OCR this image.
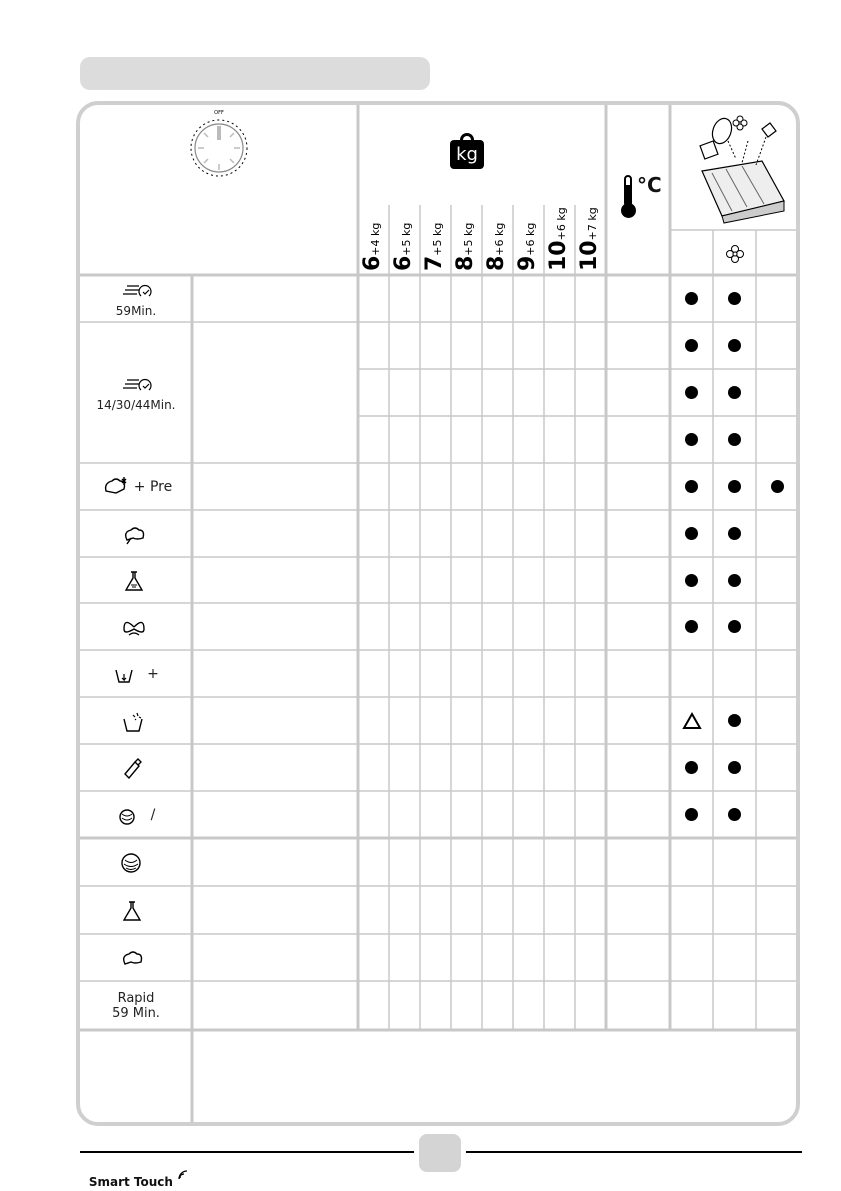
OFF
kg
6+4 kg
6+5 kg
7+5 kg
8+5 kg
8+6 kg
9+6 kg 10+6 kg
10+7 kg
°C
59Min.
14/30/44Min.
+ Pre
+
/
Rapid
59 Min.
Smart Touch
